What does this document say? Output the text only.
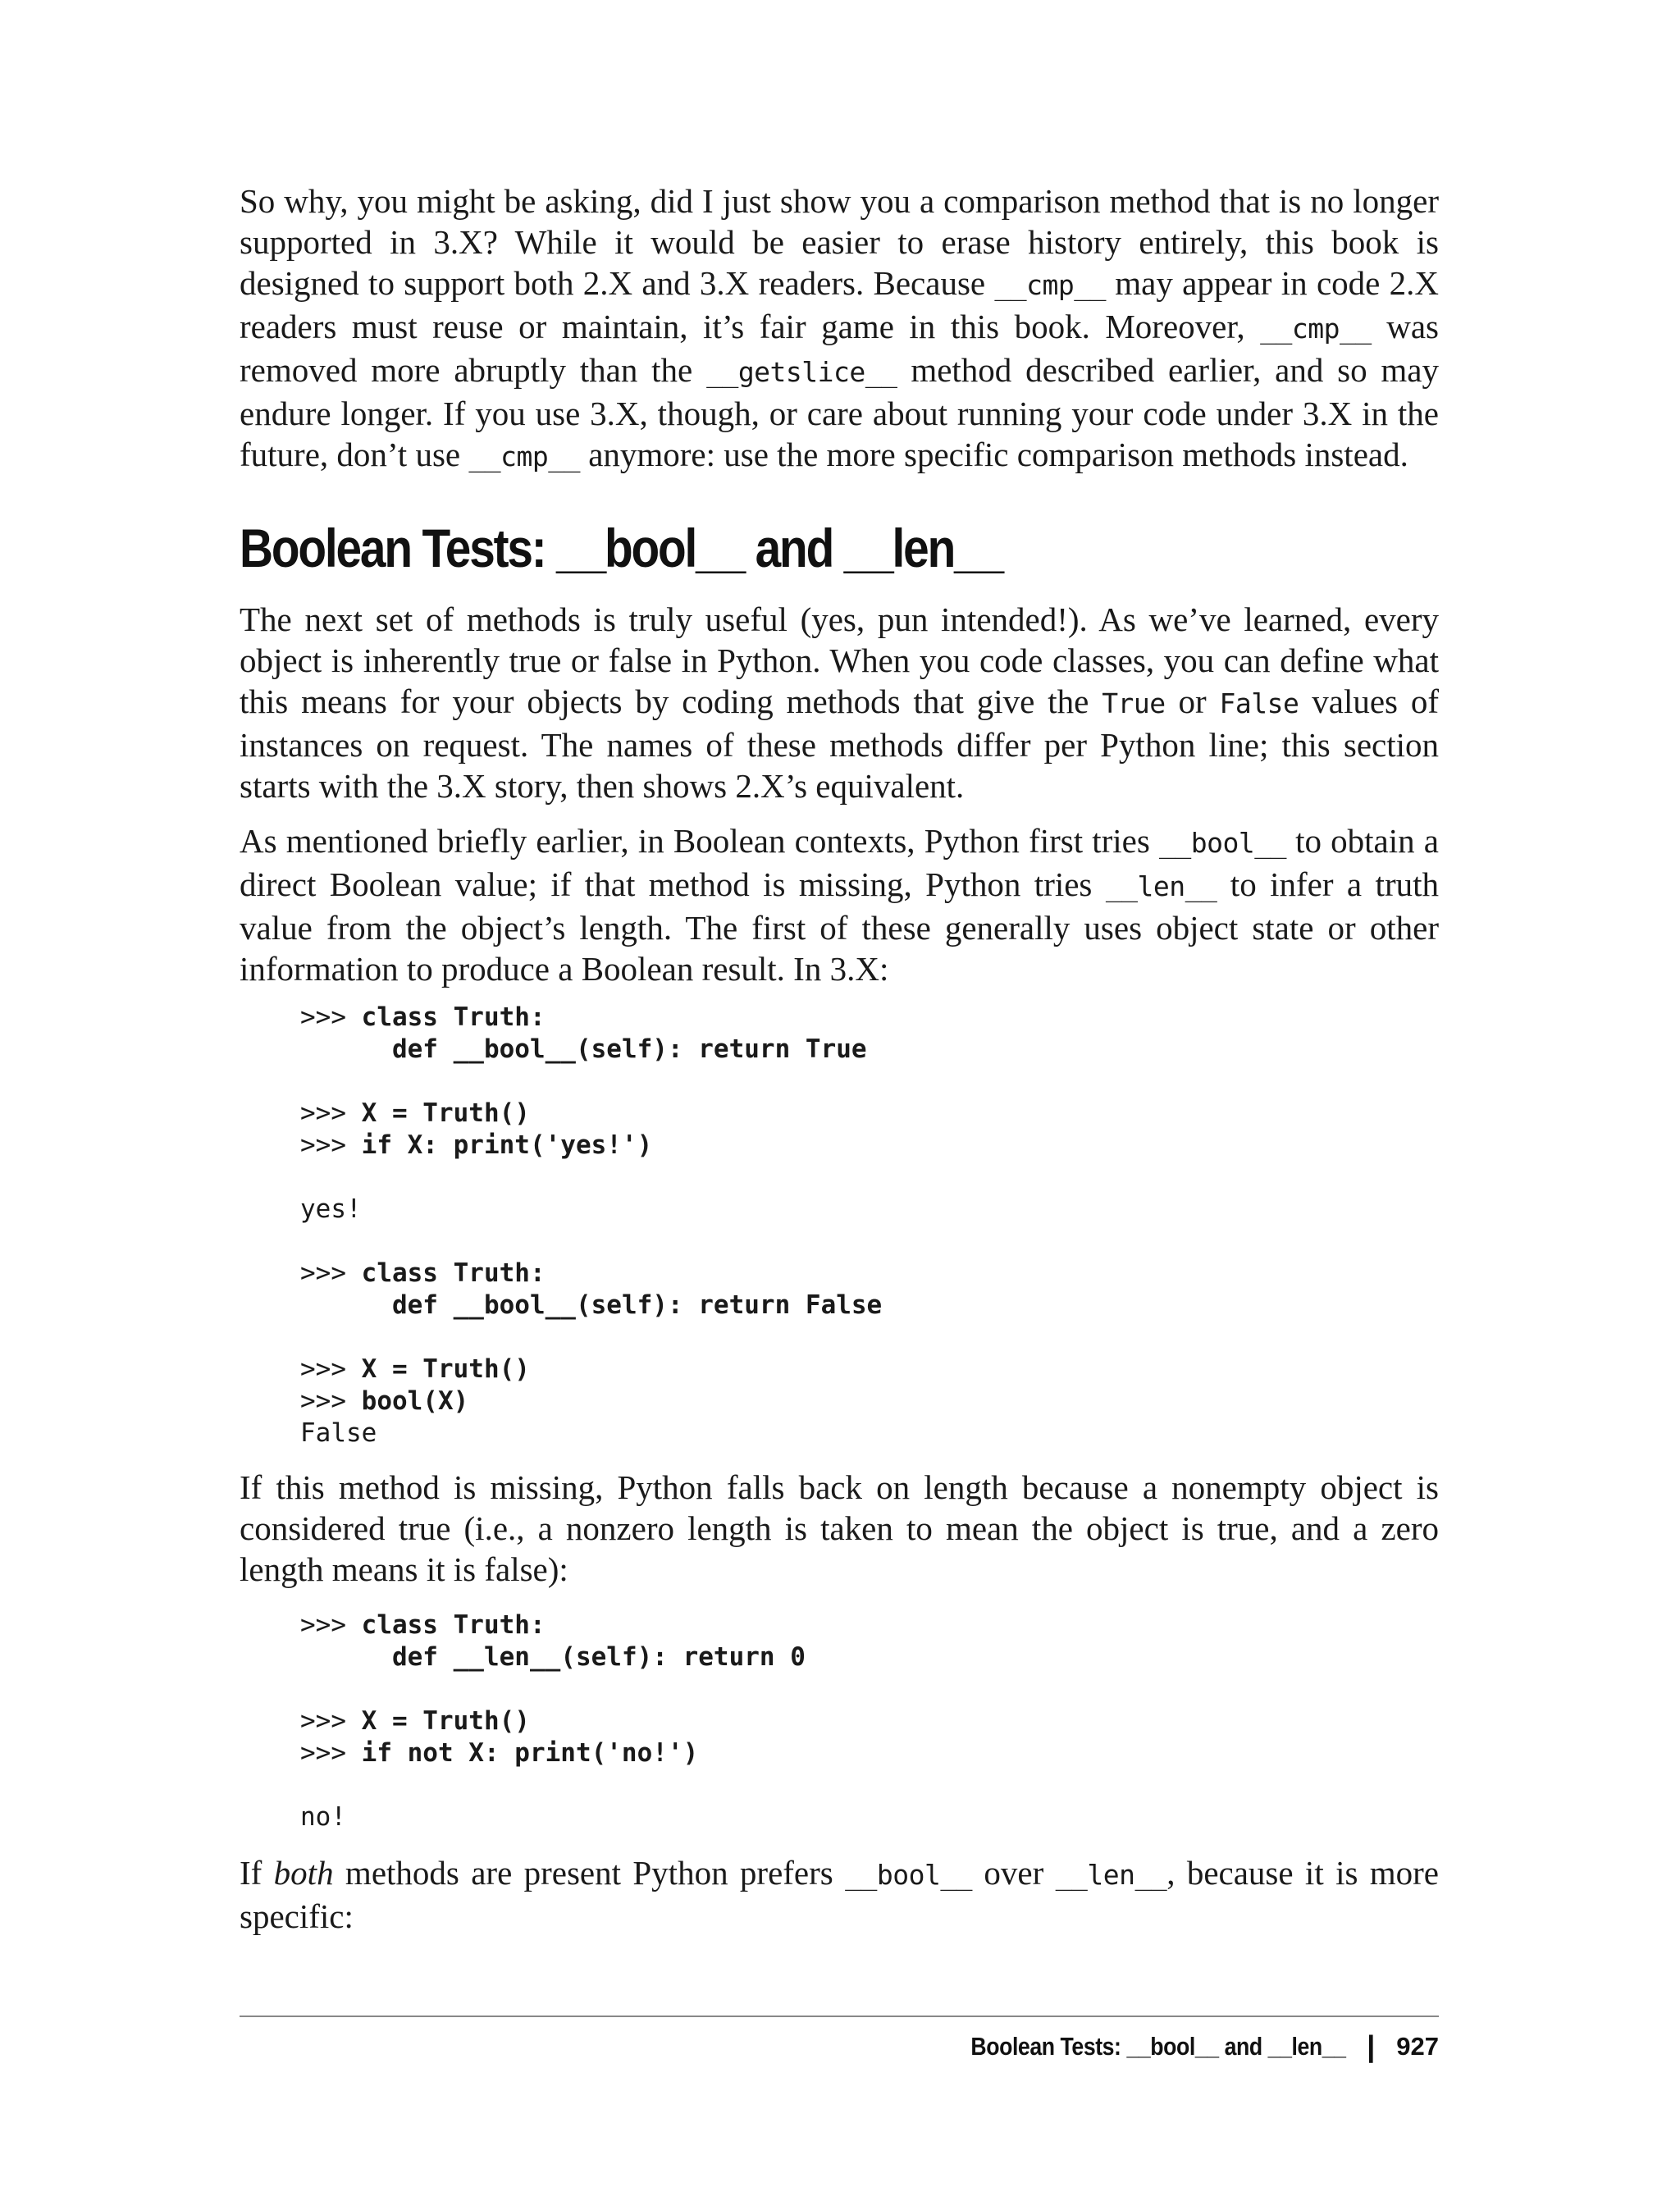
So why, you might be asking, did I just show you a comparison method that is no longer supported in 3.X? While it would be easier to erase history entirely, this book is designed to support both 2.X and 3.X readers. Because __cmp__ may appear in code 2.X readers must reuse or maintain, it’s fair game in this book. Moreover, __cmp__ was removed more abruptly than the __getslice__ method described earlier, and so may endure longer. If you use 3.X, though, or care about running your code under 3.X in the future, don’t use __cmp__ anymore: use the more specific comparison methods instead.

Boolean Tests: __bool__ and __len__

The next set of methods is truly useful (yes, pun intended!). As we’ve learned, every object is inherently true or false in Python. When you code classes, you can define what this means for your objects by coding methods that give the True or False values of instances on request. The names of these methods differ per Python line; this section starts with the 3.X story, then shows 2.X’s equivalent.

As mentioned briefly earlier, in Boolean contexts, Python first tries __bool__ to obtain a direct Boolean value; if that method is missing, Python tries __len__ to infer a truth value from the object’s length. The first of these generally uses object state or other information to produce a Boolean result. In 3.X:

>>> class Truth:
def __bool__(self): return True
>>> X = Truth()
>>> if X: print('yes!')
yes!
>>> class Truth:
def __bool__(self): return False
>>> X = Truth()
>>> bool(X)
False

If this method is missing, Python falls back on length because a nonempty object is considered true (i.e., a nonzero length is taken to mean the object is true, and a zero length means it is false):

>>> class Truth:
def __len__(self): return 0
>>> X = Truth()
>>> if not X: print('no!')
no!

If both methods are present Python prefers __bool__ over __len__, because it is more specific:

Boolean Tests: __bool__ and __len__ | 927
